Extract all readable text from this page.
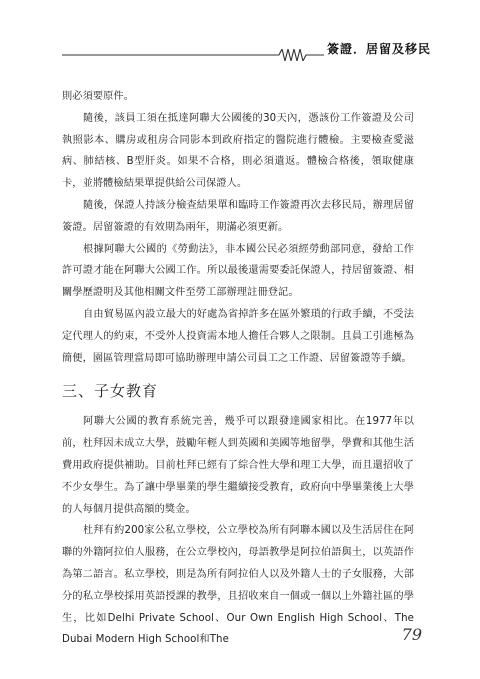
簽證．居留及移民

則必須要原件。

隨後，該員工須在抵達阿聯大公國後的30天內，憑該份工作簽證及公司執照影本、購房或租房合同影本到政府指定的醫院進行體檢。主要檢查愛滋病、肺結核、B型肝炎。如果不合格，則必須遣返。體檢合格後，領取健康卡，並將體檢結果單提供給公司保證人。

隨後，保證人持該分檢查結果單和臨時工作簽證再次去移民局，辦理居留簽證。居留簽證的有效期為兩年，期滿必須更新。

根據阿聯大公國的《勞動法》，非本國公民必須經勞動部同意，發給工作許可證才能在阿聯大公國工作。所以最後還需要委託保證人，持居留簽證、相關學歷證明及其他相關文件至勞工部辦理註冊登記。

自由貿易區內設立最大的好處為省掉許多在區外繁瑣的行政手續，不受法定代理人的約束，不受外人投資需本地人擔任合夥人之限制。且員工引進極為簡便，園區管理當局即可協助辦理申請公司員工之工作證、居留簽證等手續。

三、子女教育

阿聯大公國的教育系統完善，幾乎可以跟發達國家相比。在1977年以前，杜拜因未成立大學，鼓勵年輕人到英國和美國等地留學，學費和其他生活費用政府提供補助。目前杜拜已經有了綜合性大學和理工大學，而且還招收了不少女學生。為了讓中學畢業的學生繼續接受教育，政府向中學畢業後上大學的人每個月提供高額的獎金。

杜拜有約200家公私立學校，公立學校為所有阿聯本國以及生活居住在阿聯的外籍阿拉伯人服務，在公立學校內，母語教學是阿拉伯語與土，以英語作為第二語言。私立學校，則是為所有阿拉伯人以及外籍人士的子女服務，大部分的私立學校採用英語授課的教學，且招收來自一個或一個以上外籍社區的學生，比如Delhi Private School、Our Own English High School、The Dubai Modern High School和The	79
